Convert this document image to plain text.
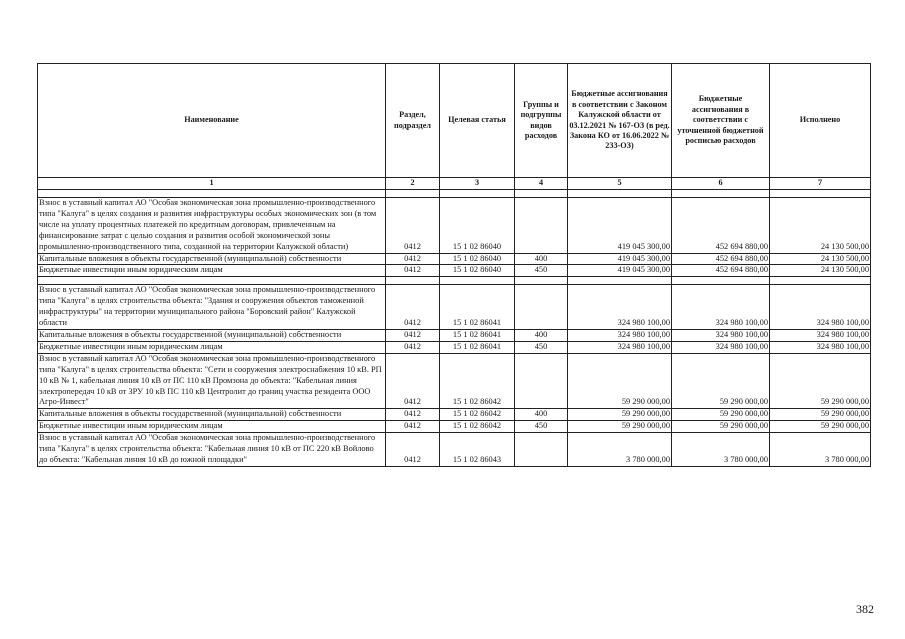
Наименование	Раздел, подраздел	Целевая статья	Группы и подгруппы видов расходов	Бюджетные ассигнования в соответствии с Законом Калужской области от 03.12.2021 № 167-ОЗ (в ред. Закона КО от 16.06.2022 № 233-ОЗ)	Бюджетные ассигнования в соответствии с уточненной бюджетной росписью расходов	Исполнено
1	2	3	4	5	6	7

Взнос в уставный капитал АО "Особая экономическая зона промышленно-производственного типа "Калуга" в целях создания и развития инфраструктуры особых экономических зон (в том числе на уплату процентных платежей по кредитным договорам, привлеченным на финансирование затрат с целью создания и развития особой экономической зоны промышленно-производственного типа, созданной на территории Калужской области)	0412	15 1 02 86040		419 045 300,00	452 694 880,00	24 130 500,00
Капитальные вложения в объекты государственной (муниципальной) собственности	0412	15 1 02 86040	400	419 045 300,00	452 694 880,00	24 130 500,00
Бюджетные инвестиции иным юридическим лицам	0412	15 1 02 86040	450	419 045 300,00	452 694 880,00	24 130 500,00

Взнос в уставный капитал АО "Особая экономическая зона промышленно-производственного типа "Калуга" в целях строительства объекта: "Здания и сооружения объектов таможенной инфраструктуры" на территории муниципального района "Боровский район" Калужской области	0412	15 1 02 86041		324 980 100,00	324 980 100,00	324 980 100,00
Капитальные вложения в объекты государственной (муниципальной) собственности	0412	15 1 02 86041	400	324 980 100,00	324 980 100,00	324 980 100,00
Бюджетные инвестиции иным юридическим лицам	0412	15 1 02 86041	450	324 980 100,00	324 980 100,00	324 980 100,00
Взнос в уставный капитал АО "Особая экономическая зона промышленно-производственного типа "Калуга" в целях строительства объекта: "Сети и сооружения электроснабжения 10 кВ. РП 10 кВ № 1, кабельная линия 10 кВ от ПС 110 кВ Промзона до объекта: "Кабельная линия электропередач 10 кВ от ЗРУ 10 кВ ПС 110 кВ Центролит до границ участка резидента ООО Агро-Инвест"	0412	15 1 02 86042		59 290 000,00	59 290 000,00	59 290 000,00
Капитальные вложения в объекты государственной (муниципальной) собственности	0412	15 1 02 86042	400	59 290 000,00	59 290 000,00	59 290 000,00
Бюджетные инвестиции иным юридическим лицам	0412	15 1 02 86042	450	59 290 000,00	59 290 000,00	59 290 000,00
Взнос в уставный капитал АО "Особая экономическая зона промышленно-производственного типа "Калуга" в целях строительства объекта: "Кабельная линия 10 кВ от ПС 220 кВ Войлово до объекта: "Кабельная линия 10 кВ до южной площадки"	0412	15 1 02 86043		3 780 000,00	3 780 000,00	3 780 000,00
382
